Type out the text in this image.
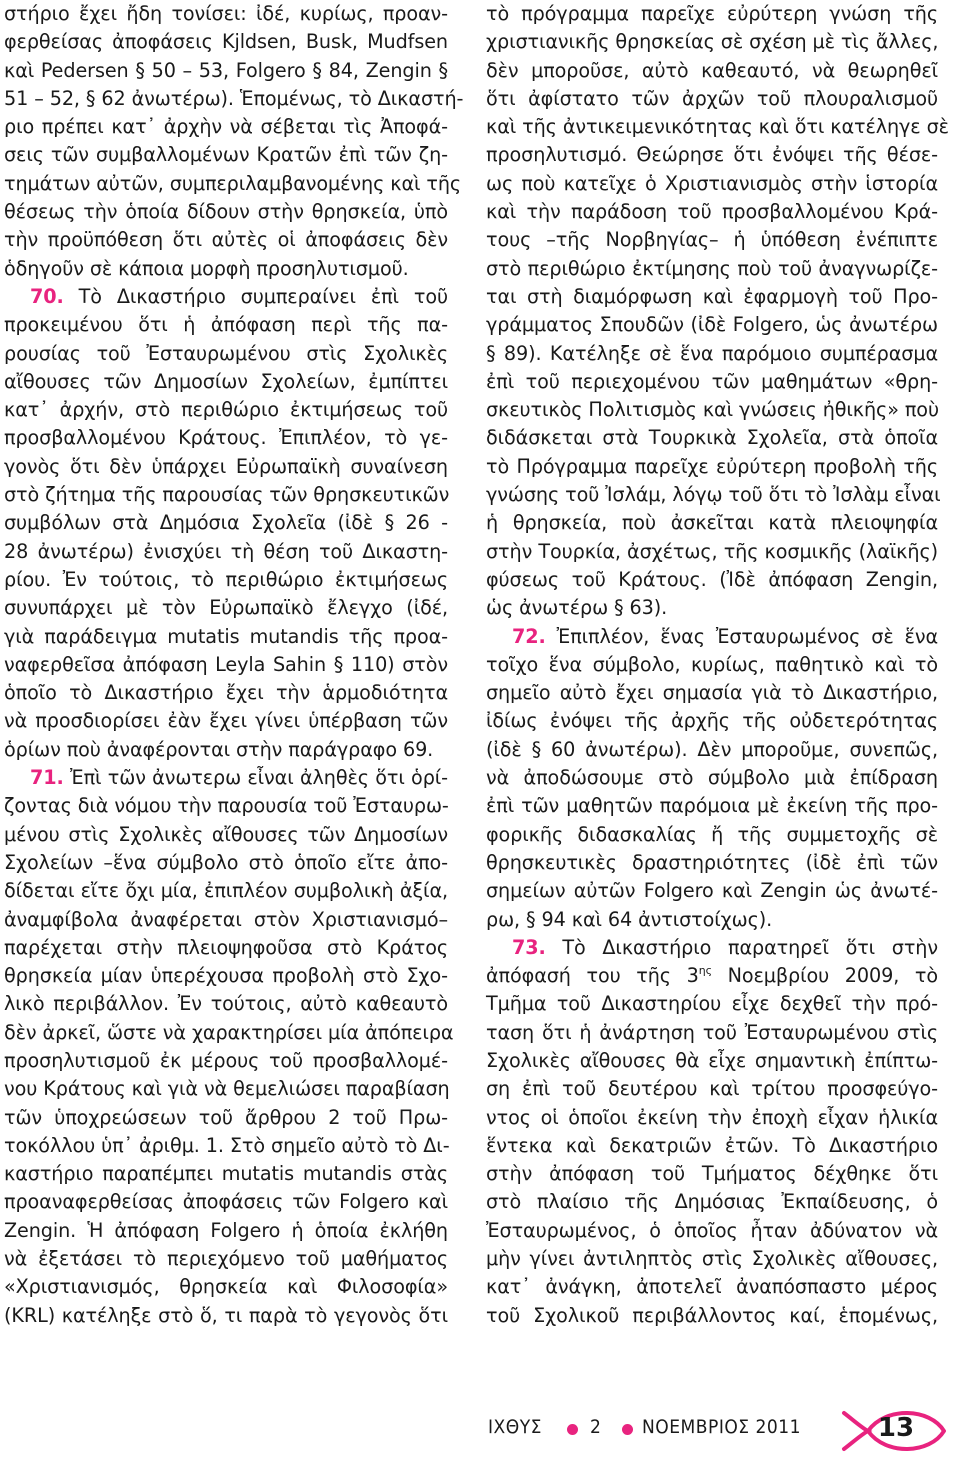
στήριο ἔχει ἤδη τονίσει: ἰδέ, κυρίως, προαν-
φερθείσας ἀποφάσεις Kjldsen, Busk, Mudfsen
καὶ Pedersen § 50 – 53, Folgero § 84, Zengin §
51 – 52, § 62 ἀνωτέρω). Ἑπομένως, τὸ Δικαστή-
ριο πρέπει κατ᾽ ἀρχὴν νὰ σέβεται τὶς Ἀποφά-
σεις τῶν συμβαλλομένων Κρατῶν ἐπὶ τῶν ζη-
τημάτων αὐτῶν, συμπεριλαμβανομένης καὶ τῆς
θέσεως τὴν ὁποία δίδουν στὴν θρησκεία, ὑπὸ
τὴν προϋπόθεση ὅτι αὐτὲς οἱ ἀποφάσεις δὲν
ὁδηγοῦν σὲ κάποια μορφὴ προσηλυτισμοῦ.
70. Τὸ Δικαστήριο συμπεραίνει ἐπὶ τοῦ
προκειμένου ὅτι ἡ ἀπόφαση περὶ τῆς πα-
ρουσίας τοῦ Ἐσταυρωμένου στὶς Σχολικὲς
αἴθουσες τῶν Δημοσίων Σχολείων, ἐμπίπτει
κατ᾽ ἀρχήν, στὸ περιθώριο ἐκτιμήσεως τοῦ
προσβαλλομένου Κράτους. Ἐπιπλέον, τὸ γε-
γονὸς ὅτι δὲν ὑπάρχει Εὐρωπαϊκὴ συναίνεση
στὸ ζήτημα τῆς παρουσίας τῶν θρησκευτικῶν
συμβόλων στὰ Δημόσια Σχολεῖα (ἰδὲ § 26 -
28 ἀνωτέρω) ἐνισχύει τὴ θέση τοῦ Δικαστη-
ρίου. Ἐν τούτοις, τὸ περιθώριο ἐκτιμήσεως
συνυπάρχει μὲ τὸν Εὐρωπαϊκὸ ἔλεγχο (ἰδέ,
γιὰ παράδειγμα mutatis mutandis τῆς προα-
ναφερθεῖσα ἀπόφαση Leyla Sahin § 110) στὸν
ὁποῖο τὸ Δικαστήριο ἔχει τὴν ἁρμοδιότητα
νὰ προσδιορίσει ἐὰν ἔχει γίνει ὑπέρβαση τῶν
ὁρίων ποὺ ἀναφέρονται στὴν παράγραφο 69.
71. Ἐπὶ τῶν ἀνωτερω εἶναι ἀληθὲς ὅτι ὁρί-
ζοντας διὰ νόμου τὴν παρουσία τοῦ Ἐσταυρω-
μένου στὶς Σχολικὲς αἴθουσες τῶν Δημοσίων
Σχολείων –ἕνα σύμβολο στὸ ὁποῖο εἴτε ἀπο-
δίδεται εἴτε ὄχι μία, ἐπιπλέον συμβολικὴ ἀξία,
ἀναμφίβολα ἀναφέρεται στὸν Χριστιανισμό–
παρέχεται στὴν πλειοψηφοῦσα στὸ Κράτος
θρησκεία μίαν ὑπερέχουσα προβολὴ στὸ Σχο-
λικὸ περιβάλλον. Ἐν τούτοις, αὐτὸ καθεαυτὸ
δὲν ἀρκεῖ, ὥστε νὰ χαρακτηρίσει μία ἀπόπειρα
προσηλυτισμοῦ ἐκ μέρους τοῦ προσβαλλομέ-
νου Κράτους καὶ γιὰ νὰ θεμελιώσει παραβίαση
τῶν ὑποχρεώσεων τοῦ ἄρθρου 2 τοῦ Πρω-
τοκόλλου ὑπ᾽ ἀριθμ. 1. Στὸ σημεῖο αὐτὸ τὸ Δι-
καστήριο παραπέμπει mutatis mutandis στὰς
προαναφερθείσας ἀποφάσεις τῶν Folgero καὶ
Zengin. Ἡ ἀπόφαση Folgero ἡ ὁποία ἐκλήθη
νὰ ἐξετάσει τὸ περιεχόμενο τοῦ μαθήματος
«Χριστιανισμός, θρησκεία καὶ Φιλοσοφία»
(KRL) κατέληξε στὸ ὅ, τι παρὰ τὸ γεγονὸς ὅτι
τὸ πρόγραμμα παρεῖχε εὐρύτερη γνώση τῆς
χριστιανικῆς θρησκείας σὲ σχέση μὲ τὶς ἄλλες,
δὲν μποροῦσε, αὐτὸ καθεαυτό, νὰ θεωρηθεῖ
ὅτι ἀφίστατο τῶν ἀρχῶν τοῦ πλουραλισμοῦ
καὶ τῆς ἀντικειμενικότητας καὶ ὅτι κατέληγε σὲ
προσηλυτισμό. Θεώρησε ὅτι ἐνόψει τῆς θέσε-
ως ποὺ κατεῖχε ὁ Χριστιανισμὸς στὴν ἱστορία
καὶ τὴν παράδοση τοῦ προσβαλλομένου Κρά-
τους –τῆς Νορβηγίας– ἡ ὑπόθεση ἐνέπιπτε
στὸ περιθώριο ἐκτίμησης ποὺ τοῦ ἀναγνωρίζε-
ται στὴ διαμόρφωση καὶ ἐφαρμογὴ τοῦ Προ-
γράμματος Σπουδῶν (ἰδὲ Folgero, ὡς ἀνωτέρω
§ 89). Κατέληξε σὲ ἕνα παρόμοιο συμπέρασμα
ἐπὶ τοῦ περιεχομένου τῶν μαθημάτων «θρη-
σκευτικὸς Πολιτισμὸς καὶ γνώσεις ἠθικῆς» ποὺ
διδάσκεται στὰ Τουρκικὰ Σχολεῖα, στὰ ὁποῖα
τὸ Πρόγραμμα παρεῖχε εὐρύτερη προβολὴ τῆς
γνώσης τοῦ Ἰσλάμ, λόγῳ τοῦ ὅτι τὸ Ἰσλὰμ εἶναι
ἡ θρησκεία, ποὺ ἀσκεῖται κατὰ πλειοψηφία
στὴν Τουρκία, ἀσχέτως, τῆς κοσμικῆς (λαϊκῆς)
φύσεως τοῦ Κράτους. (Ἰδὲ ἀπόφαση Zengin,
ὡς ἀνωτέρω § 63).
72. Ἐπιπλέον, ἕνας Ἐσταυρωμένος σὲ ἕνα
τοῖχο ἕνα σύμβολο, κυρίως, παθητικὸ καὶ τὸ
σημεῖο αὐτὸ ἔχει σημασία γιὰ τὸ Δικαστήριο,
ἰδίως ἐνόψει τῆς ἀρχῆς τῆς οὐδετερότητας
(ἰδὲ § 60 ἀνωτέρω). Δὲν μποροῦμε, συνεπῶς,
νὰ ἀποδώσουμε στὸ σύμβολο μιὰ ἐπίδραση
ἐπὶ τῶν μαθητῶν παρόμοια μὲ ἐκείνη τῆς προ-
φορικῆς διδασκαλίας ἤ τῆς συμμετοχῆς σὲ
θρησκευτικὲς δραστηριότητες (ἰδὲ ἐπὶ τῶν
σημείων αὐτῶν Folgero καὶ Zengin ὡς ἀνωτέ-
ρω, § 94 καὶ 64 ἀντιστοίχως).
73. Τὸ Δικαστήριο παρατηρεῖ ὅτι στὴν
ἀπόφασή του τῆς $3^{\eta\varsigma}$ Νοεμβρίου 2009, τὸ
Τμῆμα τοῦ Δικαστηρίου εἶχε δεχθεῖ τὴν πρό-
ταση ὅτι ἡ ἀνάρτηση τοῦ Ἐσταυρωμένου στὶς
Σχολικὲς αἴθουσες θὰ εἶχε σημαντικὴ ἐπίπτω-
ση ἐπὶ τοῦ δευτέρου καὶ τρίτου προσφεύγο-
ντος οἱ ὁποῖοι ἐκείνη τὴν ἐποχὴ εἶχαν ἡλικία
ἕντεκα καὶ δεκατριῶν ἐτῶν. Τὸ Δικαστήριο
στὴν ἀπόφαση τοῦ Τμήματος δέχθηκε ὅτι
στὸ πλαίσιο τῆς Δημόσιας Ἐκπαίδευσης, ὁ
Ἐσταυρωμένος, ὁ ὁποῖος ἦταν ἀδύνατον νὰ
μὴν γίνει ἀντιληπτὸς στὶς Σχολικὲς αἴθουσες,
κατ᾽ ἀνάγκη, ἀποτελεῖ ἀναπόσπαστο μέρος
τοῦ Σχολικοῦ περιβάλλοντος καί, ἑπομένως,
ΙΧΘΥΣ	2 ΝΟΕΜΒΡΙΟΣ 2011	13
